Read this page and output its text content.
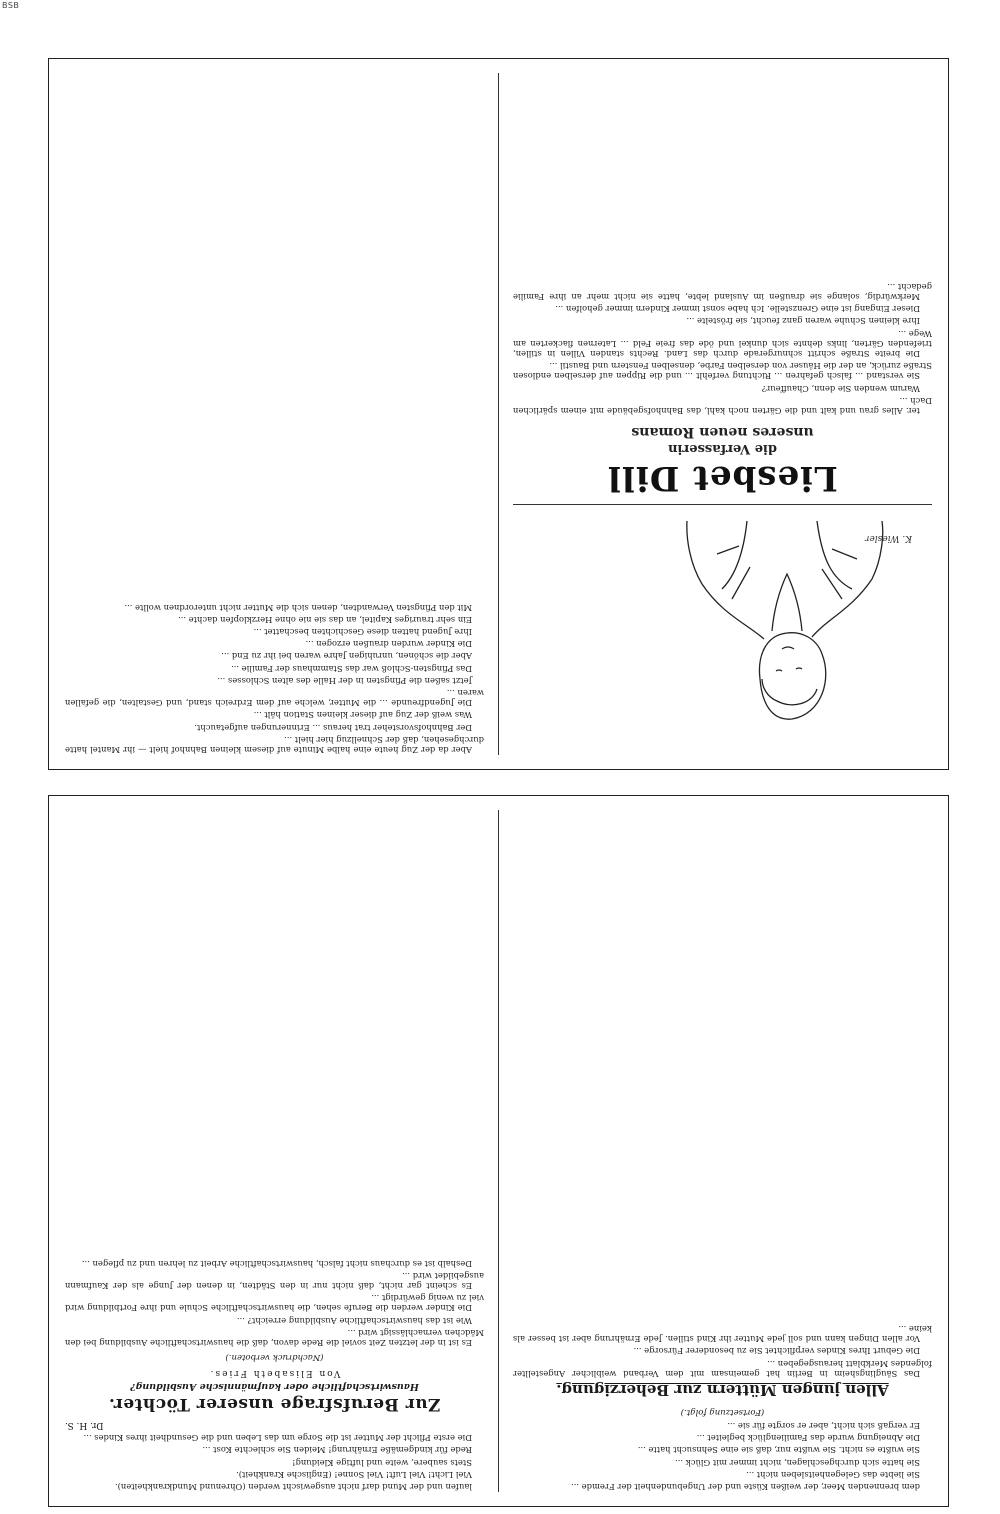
BSB
K. Wiesler
Liesbet Dill
die Verfasserin
unseres neuen Romans

ter. Alles grau und kalt und die Gärten noch kahl, das Bahnhofsgebäude mit einem spärlichen Dach ...

Warum wenden Sie denn, Chauffeur?

Sie verstand ... falsch gefahren ... Richtung verfehlt ... und die Rippen auf derselben endlosen Straße zurück, an der die Häuser von derselben Farbe, denselben Fenstern und Baustil ...

Die breite Straße schritt schnurgerade durch das Land. Rechts standen Villen in stillen, triefenden Gärten, links dehnte sich dunkel und öde das freie Feld ... Laternen flackerten am Wege ...

Ihre kleinen Schuhe waren ganz feucht, sie fröstelte ...

Dieser Eingang ist eine Grenzstelle. Ich habe sonst immer Kindern immer geholfen ...

Merkwürdig, solange sie draußen im Ausland lebte, hatte sie nicht mehr an ihre Familie gedacht ...

Aber da der Zug heute eine halbe Minute auf diesem kleinen Bahnhof hielt — ihr Mantel hatte durchgesehen, daß der Schnellzug hier hielt ...

Der Bahnhofsvorsteher trat heraus ... Erinnerungen aufgetaucht.

Was weiß der Zug auf dieser kleinen Station hält ...

Die Jugendfreunde ... die Mutter, welche auf dem Erdreich stand, und Gestalten, die gefallen waren ...

Jetzt saßen die Pfingsten in der Halle des alten Schlosses ...

Das Pfingsten-Schloß war das Stammhaus der Familie ...

Aber die schönen, unruhigen Jahre waren bei ihr zu End ...

Die Kinder wurden draußen erzogen ...

Ihre Jugend hatten diese Geschichten beschattet ...

Ein sehr trauriges Kapitel, an das sie nie ohne Herzklopfen dachte ...

Mit den Pfingsten Verwandten, denen sich die Mutter nicht unterordnen wollte ...

dem brennenden Meer, der weißen Küste und der Ungebundenheit der Fremde ...

Sie liebte das Gelegenheitsleben nicht ...

Sie hatte sich durchgeschlagen, nicht immer mit Glück ...

Sie wußte es nicht. Sie wußte nur, daß sie eine Sehnsucht hatte ...

Die Abneigung wurde das Familienglück begleitet ...

Er vergaß sich nicht, aber er sorgte für sie ...

(Fortsetzung folgt.)
Allen jungen Müttern zur Beherzigung.

Das Säuglingsheim in Berlin hat gemeinsam mit dem Verband weiblicher Angestellter folgendes Merkblatt herausgegeben ...

Die Geburt Ihres Kindes verpflichtet Sie zu besonderer Fürsorge ...

Vor allen Dingen kann und soll jede Mutter ihr Kind stillen. Jede Ernährung aber ist besser als keine ...

laufen und der Mund darf nicht ausgewischt werden (Ohrenund Mundkrankheiten).

Viel Licht! Viel Luft! Viel Sonne! (Englische Krankheit).

Stets saubere, weite und luftige Kleidung!

Rede für kindgemäße Ernährung! Meiden Sie schlechte Kost ...

Die erste Pflicht der Mutter ist die Sorge um das Leben und die Gesundheit ihres Kindes ...

Dr. H. S.
Zur Berufsfrage unserer Töchter.
Hauswirtschaftliche oder kaufmännische Ausbildung?
Von Elisabeth Fries.
(Nachdruck verboten.)

Es ist in der letzten Zeit soviel die Rede davon, daß die hauswirtschaftliche Ausbildung bei den Mädchen vernachlässigt wird ...

Wie ist das hauswirtschaftliche Ausbildung erreicht? ...

Die Kinder werden die Berufe sehen, die hauswirtschaftliche Schule und ihre Fortbildung wird viel zu wenig gewürdigt ...

Es scheint gar nicht, daß nicht nur in den Städten, in denen der Junge als der Kaufmann ausgebildet wird ...

Deshalb ist es durchaus nicht falsch, hauswirtschaftliche Arbeit zu lehren und zu pflegen ...
